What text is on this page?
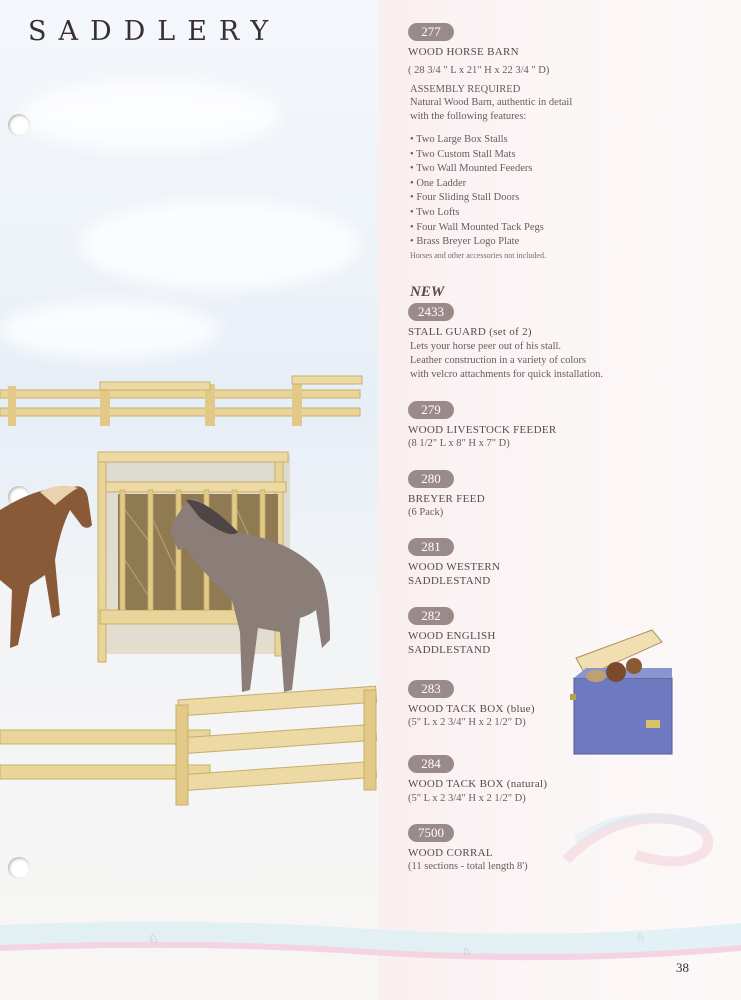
SADDLERY	277
WOOD HORSE BARN
( 28 3/4 " L x 21" H x 22 3/4 " D)
ASSEMBLY REQUIRED
Natural Wood Barn, authentic in detail
with the following features:
• Two Large Box Stalls
• Two Custom Stall Mats
• Two Wall Mounted Feeders
• One Ladder
• Four Sliding Stall Doors
• Two Lofts
• Four Wall Mounted Tack Pegs
• Brass Breyer Logo Plate
Horses and other accessories not included.
NEW
2433
STALL GUARD (set of 2)
Lets your horse peer out of his stall.
Leather construction in a variety of colors
with velcro attachments for quick installation.
279
WOOD LIVESTOCK FEEDER
(8 1/2" L x 8" H x 7" D)
280
BREYER FEED
(6 Pack)
281
WOOD WESTERN
SADDLESTAND
282
WOOD ENGLISH
SADDLESTAND
283
WOOD TACK BOX (blue)
(5" L x 2 3/4" H x 2 1/2" D)
284
WOOD TACK BOX (natural)
(5" L x 2 3/4" H x 2 1/2" D)
7500
WOOD CORRAL
(11 sections - total length 8')
♘
♘
♘
38
